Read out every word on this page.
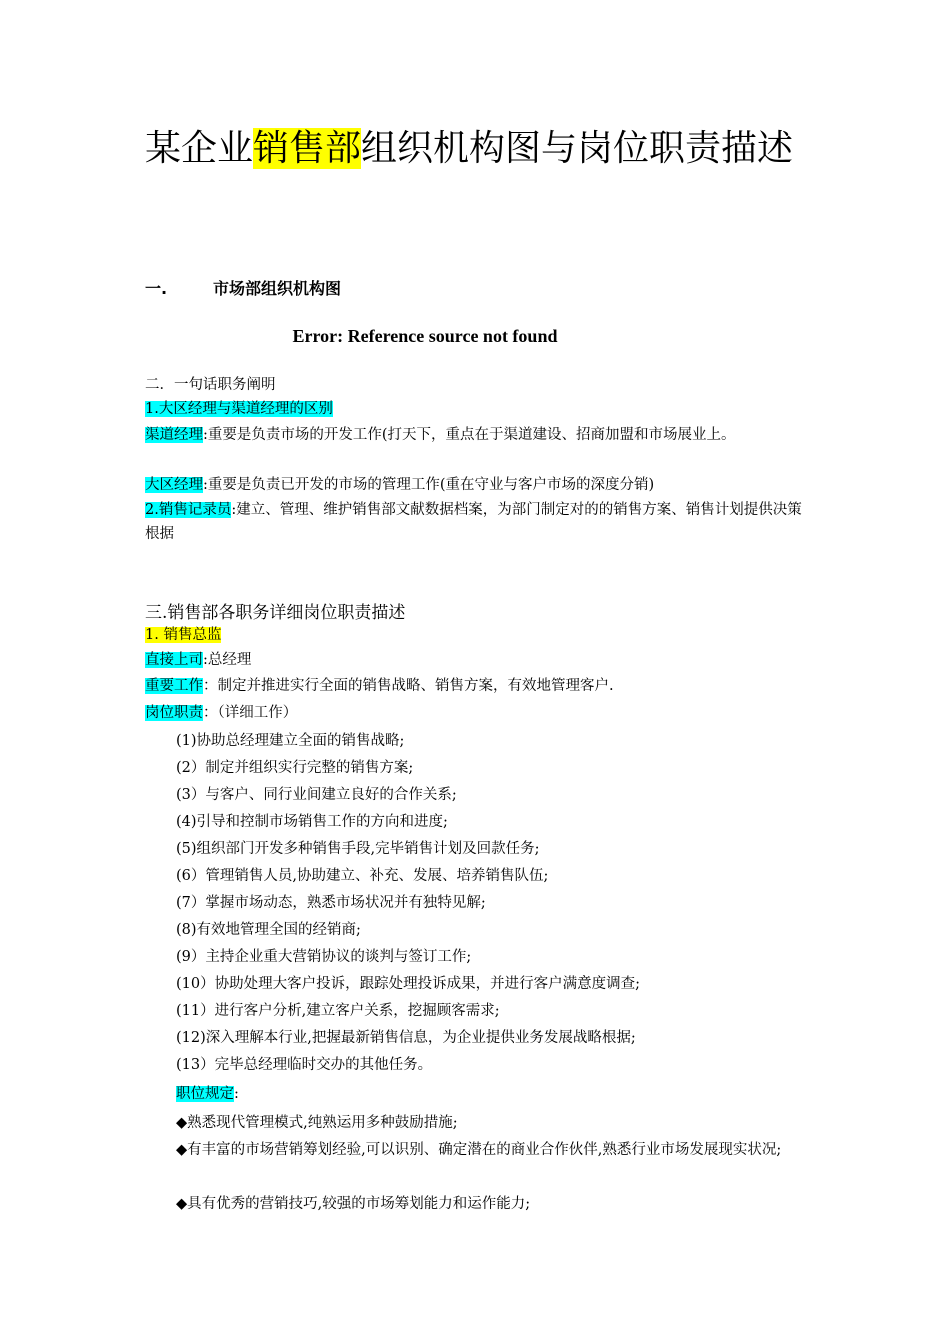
某企业销售部组织机构图与岗位职责描述
一.	市场部组织机构图
Error: Reference source not found
二．一句话职务阐明
1.大区经理与渠道经理的区别
渠道经理:重要是负责市场的开发工作(打天下，重点在于渠道建设、招商加盟和市场展业上。
大区经理:重要是负责已开发的市场的管理工作(重在守业与客户市场的深度分销)
2.销售记录员:建立、管理、维护销售部文献数据档案，为部门制定对的的销售方案、销售计划提供决策根据
三.销售部各职务详细岗位职责描述
1. 销售总监
直接上司:总经理
重要工作：制定并推进实行全面的销售战略、销售方案，有效地管理客户.
岗位职责：（详细工作）
(1)协助总经理建立全面的销售战略;
(2）制定并组织实行完整的销售方案;
(3）与客户、同行业间建立良好的合作关系;
(4)引导和控制市场销售工作的方向和进度;
(5)组织部门开发多种销售手段,完毕销售计划及回款任务;
(6）管理销售人员,协助建立、补充、发展、培养销售队伍;
(7）掌握市场动态，熟悉市场状况并有独特见解;
(8)有效地管理全国的经销商;
(9）主持企业重大营销协议的谈判与签订工作;
(10）协助处理大客户投诉，跟踪处理投诉成果，并进行客户满意度调查;
(11）进行客户分析,建立客户关系，挖掘顾客需求;
(12)深入理解本行业,把握最新销售信息，为企业提供业务发展战略根据;
(13）完毕总经理临时交办的其他任务。
职位规定:
◆熟悉现代管理模式,纯熟运用多种鼓励措施;
◆有丰富的市场营销筹划经验,可以识别、确定潜在的商业合作伙伴,熟悉行业市场发展现实状况;
◆具有优秀的营销技巧,较强的市场筹划能力和运作能力;
